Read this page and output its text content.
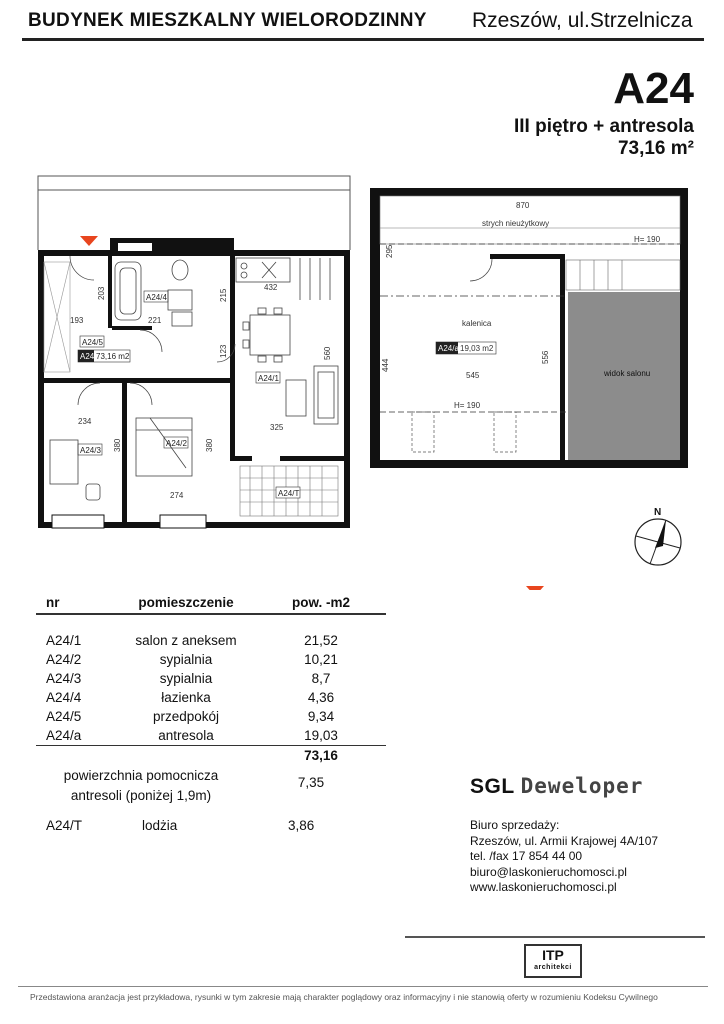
BUDYNEK MIESZKALNY WIELORODZINNY Rzeszów, ul.Strzelnicza
A24
III piętro + antresola
73,16 m²
193
203
221
215
432
123	560
234
380	380
274
325
A24/4
A24/5
A24/1
A24/2
A24/3
A24/T
A24 73,16 m2
870
strych nieużytkowy
H= 190
295
kalenica
444
556
545
H= 190
widok salonu
A24/a 19,03 m2
N
nr	pomieszczenie	pow. -m2

A24/1	salon z aneksem	21,52
A24/2	sypialnia	10,21
A24/3	sypialnia	8,7
A24/4	łazienka	4,36
A24/5	przedpokój	9,34
A24/a	antresola	19,03
		73,16
powierzchnia pomocnicza
antresoli (poniżej 1,9m)
7,35
A24/T	lodżia	3,86
SGL Deweloper
Biuro sprzedaży:
Rzeszów, ul. Armii Krajowej 4A/107
tel. /fax 17 854 44 00
biuro@laskonieruchomosci.pl
www.laskonieruchomosci.pl
ITP
architekci
Przedstawiona aranżacja jest przykładowa, rysunki w tym zakresie mają charakter poglądowy oraz informacyjny i nie stanowią oferty w rozumieniu Kodeksu Cywilnego
